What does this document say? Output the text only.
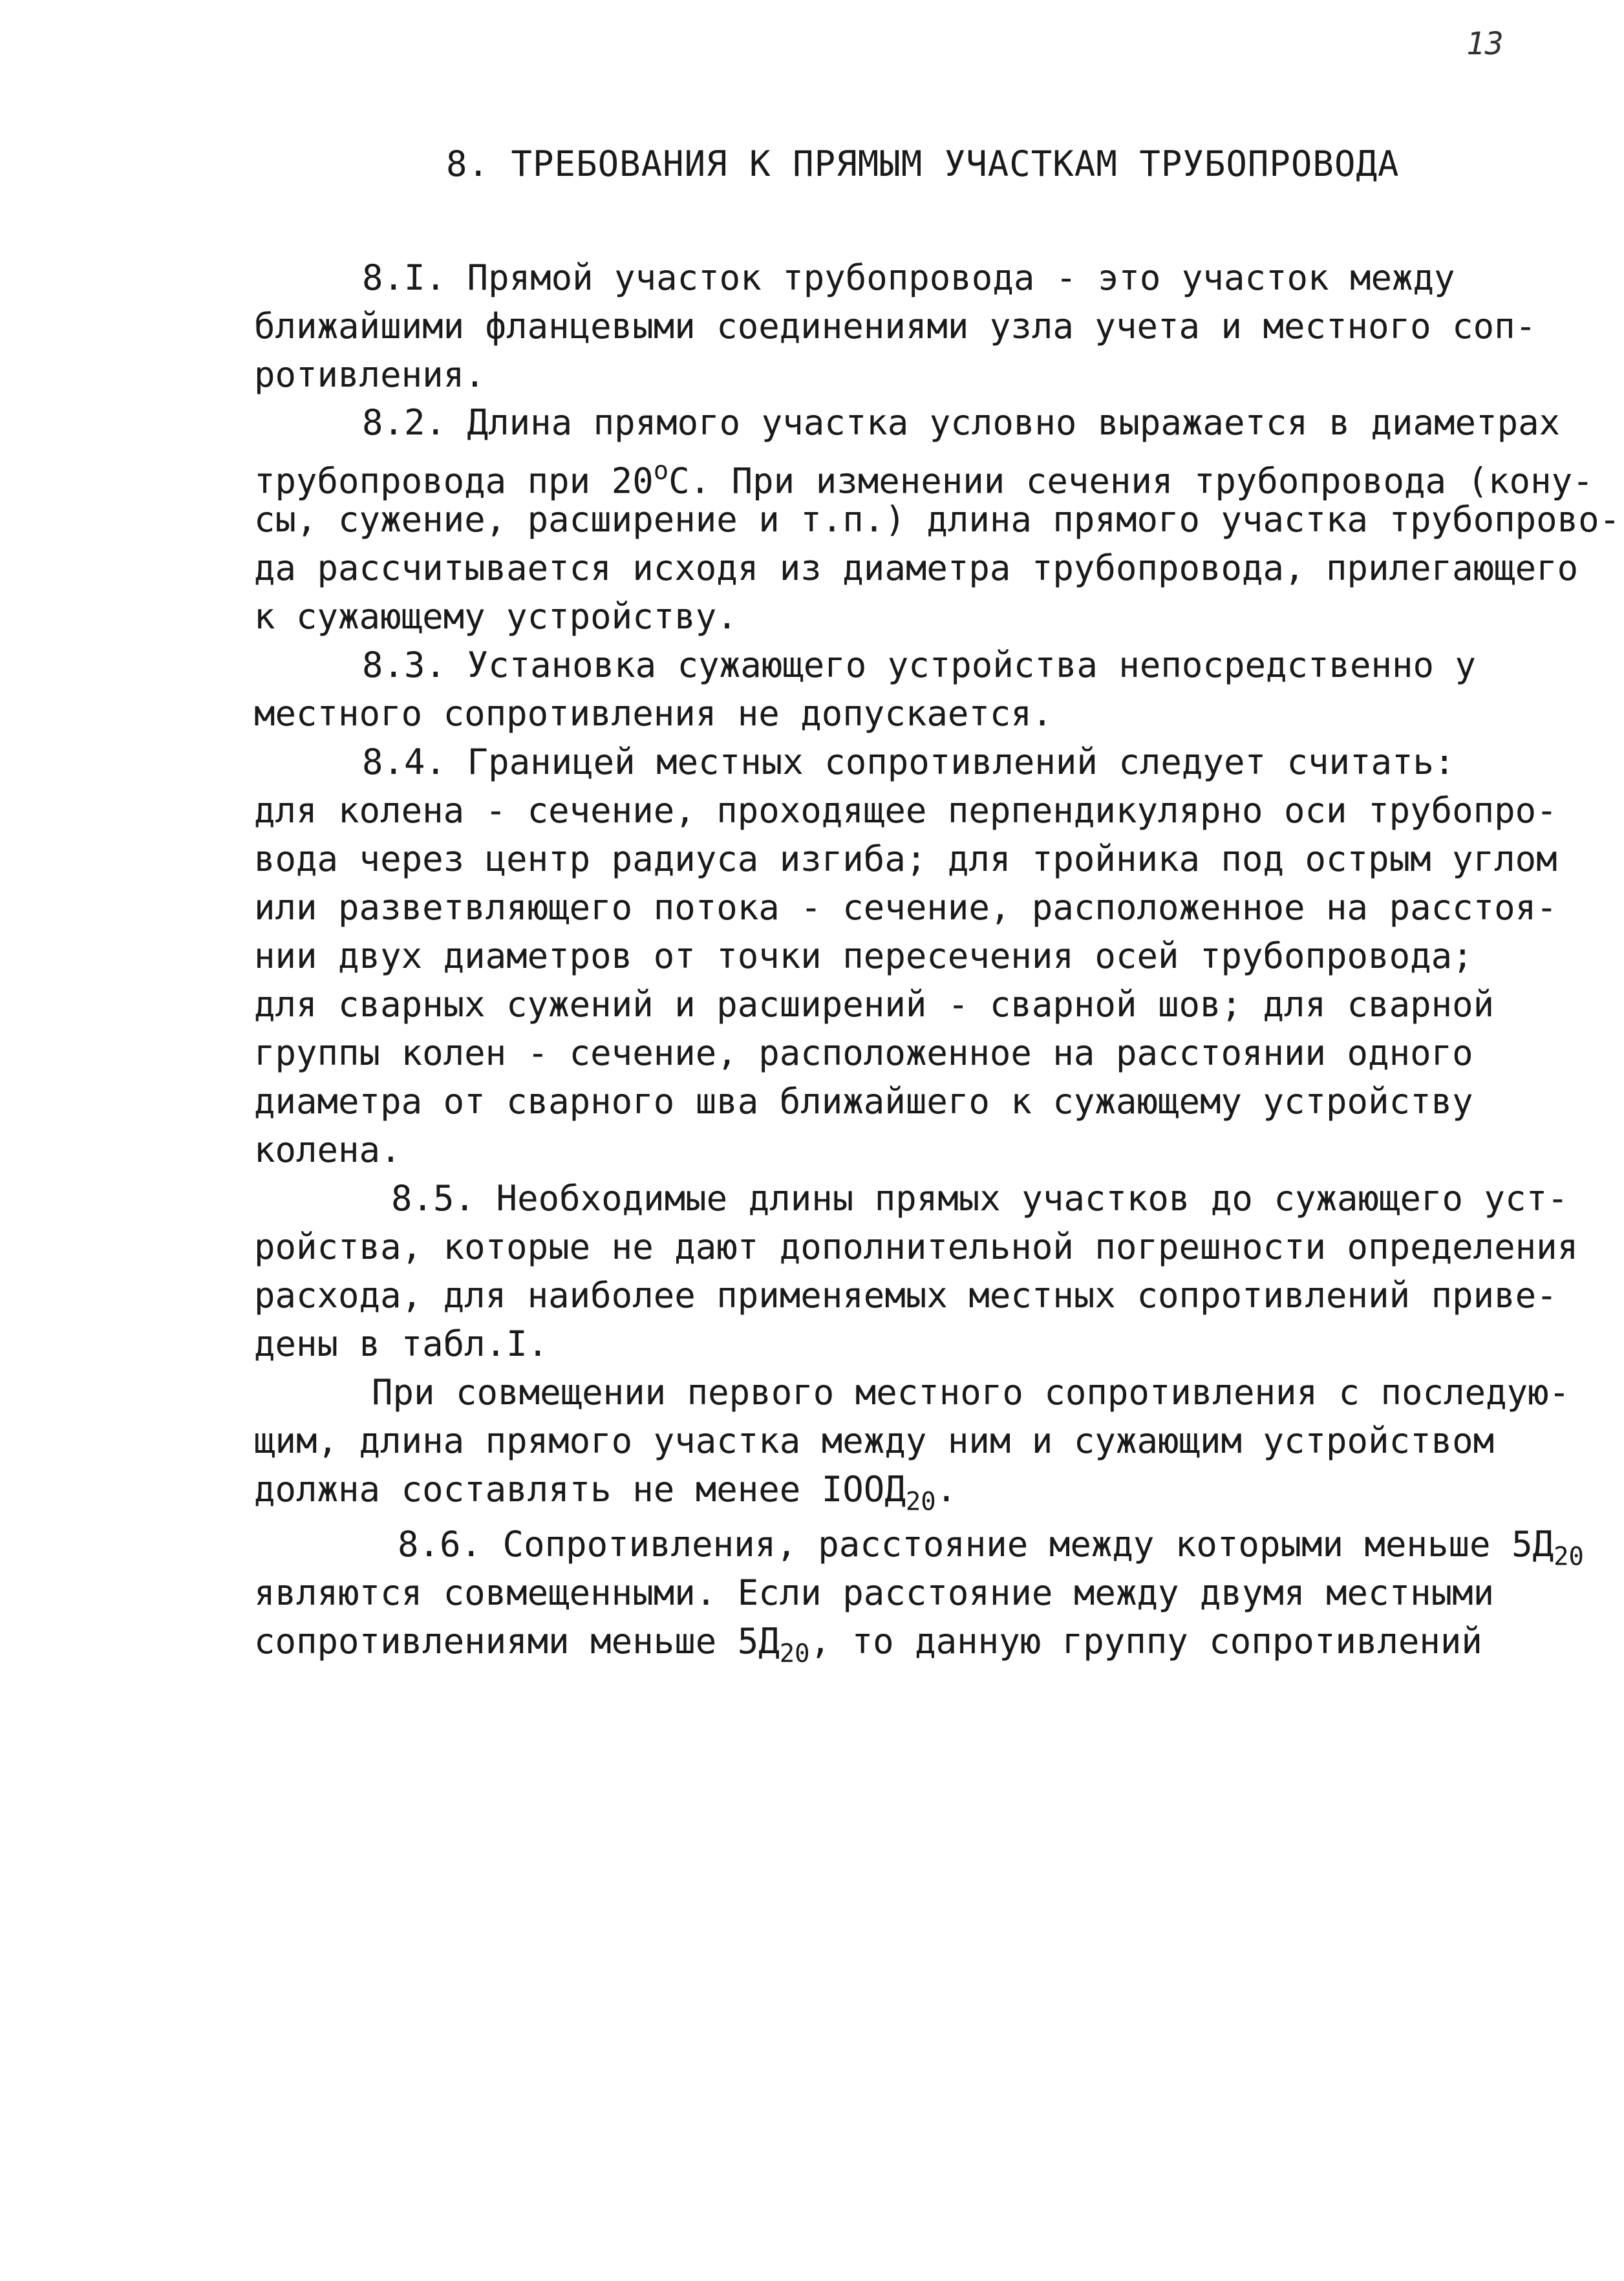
13
8. ТРЕБОВАНИЯ К ПРЯМЫМ УЧАСТКАМ ТРУБОПРОВОДА
8.I. Прямой участок трубопровода - это участок между
ближайшими фланцевыми соединениями узла учета и местного соп-
ротивления.
8.2. Длина прямого участка условно выражается в диаметрах
трубопровода при $20^оС$. При изменении сечения трубопровода (кону-
сы, сужение, расширение и т.п.) длина прямого участка трубопрово-
да рассчитывается исходя из диаметра трубопровода, прилегающего
к сужающему устройству.
8.3. Установка сужающего устройства непосредственно у
местного сопротивления не допускается.
8.4. Границей местных сопротивлений следует считать:
для колена - сечение, проходящее перпендикулярно оси трубопро-
вода через центр радиуса изгиба; для тройника под острым углом
или разветвляющего потока - сечение, расположенное на расстоя-
нии двух диаметров от точки пересечения осей трубопровода;
для сварных сужений и расширений - сварной шов; для сварной
группы колен - сечение, расположенное на расстоянии одного
диаметра от сварного шва ближайшего к сужающему устройству
колена.
8.5. Необходимые длины прямых участков до сужающего уст-
ройства, которые не дают дополнительной погрешности определения
расхода, для наиболее применяемых местных сопротивлений приве-
дены в табл.I.
При совмещении первого местного сопротивления с последую-
щим, длина прямого участка между ним и сужающим устройством
должна составлять не менее $IООД_{20}$.
8.6. Сопротивления, расстояние между которыми меньше $5Д_{20}$
являются совмещенными. Если расстояние между двумя местными
сопротивлениями меньше $5Д_{20}$, то данную группу сопротивлений
